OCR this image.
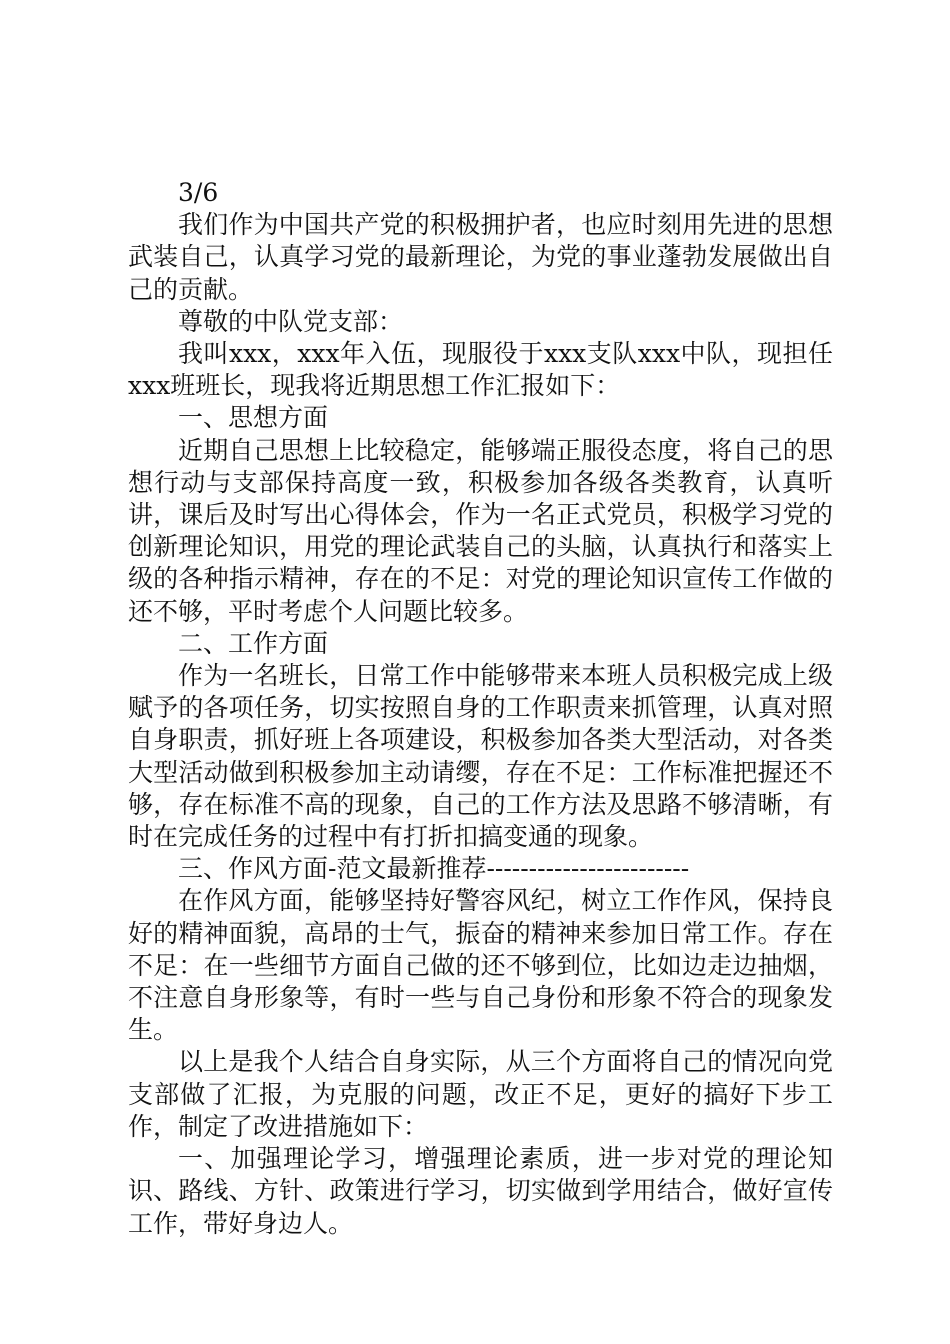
3/6

我们作为中国共产党的积极拥护者，也应时刻用先进的思想武装自己，认真学习党的最新理论，为党的事业蓬勃发展做出自己的贡献。

尊敬的中队党支部：

我叫xxx，xxx年入伍，现服役于xxx支队xxx中队，现担任xxx班班长，现我将近期思想工作汇报如下：

一、思想方面

近期自己思想上比较稳定，能够端正服役态度，将自己的思想行动与支部保持高度一致，积极参加各级各类教育，认真听讲，课后及时写出心得体会，作为一名正式党员，积极学习党的创新理论知识，用党的理论武装自己的头脑，认真执行和落实上级的各种指示精神，存在的不足：对党的理论知识宣传工作做的还不够，平时考虑个人问题比较多。

二、工作方面

作为一名班长，日常工作中能够带来本班人员积极完成上级赋予的各项任务，切实按照自身的工作职责来抓管理，认真对照自身职责，抓好班上各项建设，积极参加各类大型活动，对各类大型活动做到积极参加主动请缨，存在不足：工作标准把握还不够，存在标准不高的现象，自己的工作方法及思路不够清晰，有时在完成任务的过程中有打折扣搞变通的现象。

三、作风方面-范文最新推荐------------------------

在作风方面，能够坚持好警容风纪，树立工作作风，保持良好的精神面貌，高昂的士气，振奋的精神来参加日常工作。存在不足：在一些细节方面自己做的还不够到位，比如边走边抽烟，不注意自身形象等，有时一些与自己身份和形象不符合的现象发生。

以上是我个人结合自身实际，从三个方面将自己的情况向党支部做了汇报，为克服的问题，改正不足，更好的搞好下步工作，制定了改进措施如下：

一、加强理论学习，增强理论素质，进一步对党的理论知识、路线、方针、政策进行学习，切实做到学用结合，做好宣传工作，带好身边人。
